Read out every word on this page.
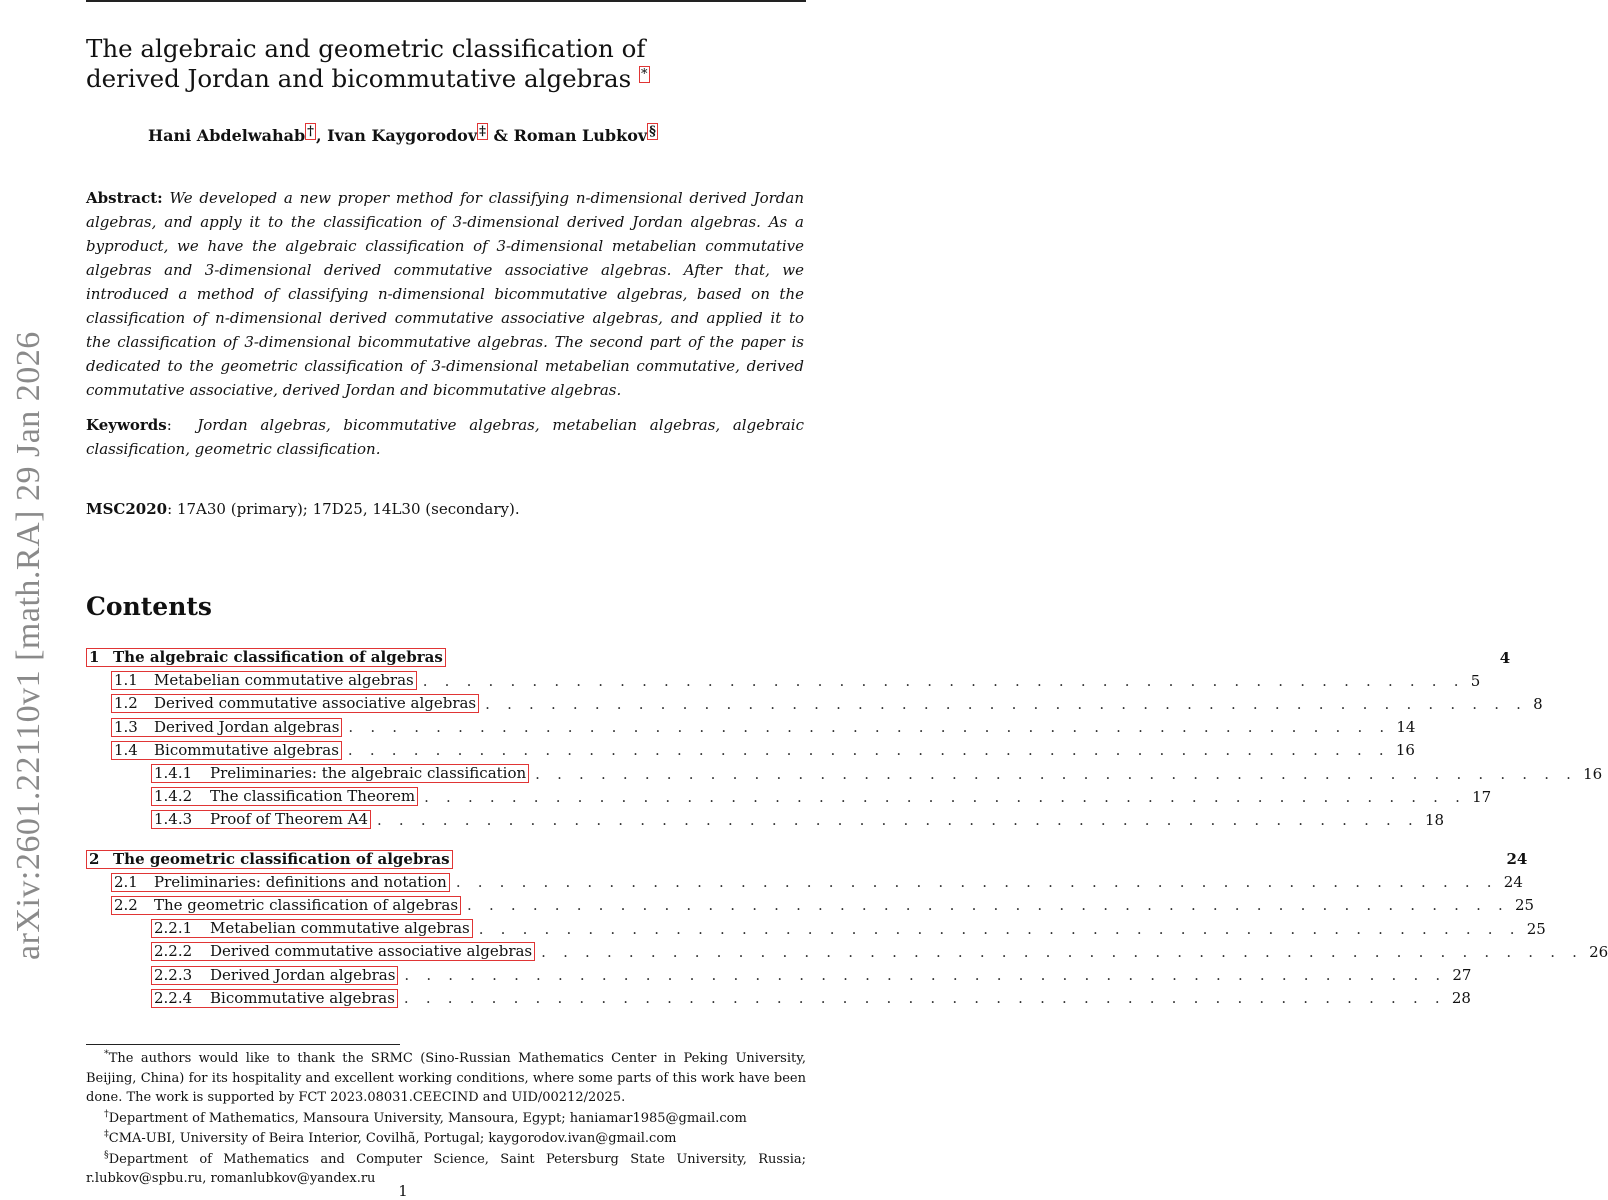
arXiv:2601.22110v1 [math.RA] 29 Jan 2026
The algebraic and geometric classification of
derived Jordan and bicommutative algebras *
Hani Abdelwahab † , Ivan Kaygorodov ‡ & Roman Lubkov §
Abstract: We developed a new proper method for classifying n-dimensional derived Jordan algebras, and apply it to the classification of 3-dimensional derived Jordan algebras. As a byproduct, we have the algebraic classification of 3-dimensional metabelian commutative algebras and 3-dimensional derived commutative associative algebras. After that, we introduced a method of classifying n-dimensional bicommutative algebras, based on the classification of n-dimensional derived commutative associative algebras, and applied it to the classification of 3-dimensional bicommutative algebras. The second part of the paper is dedicated to the geometric classification of 3-dimensional metabelian commutative, derived commutative associative, derived Jordan and bicommutative algebras.
Keywords:  Jordan algebras, bicommutative algebras, metabelian algebras, algebraic classification, geometric classification.
MSC2020: 17A30 (primary); 17D25, 14L30 (secondary).
Contents
1 The algebraic classification of algebras	4
1.1 Metabelian commutative algebras . . . . . . . . . . . . . . . . . . . . . . . . . . . . . . . . . . . . . . . . . . . . . . . . 5
1.2 Derived commutative associative algebras . . . . . . . . . . . . . . . . . . . . . . . . . . . . . . . . . . . . . . . . . . . . . . . . 8
1.3 Derived Jordan algebras . . . . . . . . . . . . . . . . . . . . . . . . . . . . . . . . . . . . . . . . . . . . . . . . 14
1.4 Bicommutative algebras . . . . . . . . . . . . . . . . . . . . . . . . . . . . . . . . . . . . . . . . . . . . . . . . 16
1.4.1 Preliminaries: the algebraic classification . . . . . . . . . . . . . . . . . . . . . . . . . . . . . . . . . . . . . . . . . . . . . . . . 16
1.4.2 The classification Theorem . . . . . . . . . . . . . . . . . . . . . . . . . . . . . . . . . . . . . . . . . . . . . . . . 17
1.4.3 Proof of Theorem A4 . . . . . . . . . . . . . . . . . . . . . . . . . . . . . . . . . . . . . . . . . . . . . . . . 18
2 The geometric classification of algebras	24
2.1 Preliminaries: definitions and notation . . . . . . . . . . . . . . . . . . . . . . . . . . . . . . . . . . . . . . . . . . . . . . . . 24
2.2 The geometric classification of algebras . . . . . . . . . . . . . . . . . . . . . . . . . . . . . . . . . . . . . . . . . . . . . . . . 25
2.2.1 Metabelian commutative algebras . . . . . . . . . . . . . . . . . . . . . . . . . . . . . . . . . . . . . . . . . . . . . . . . 25
2.2.2 Derived commutative associative algebras . . . . . . . . . . . . . . . . . . . . . . . . . . . . . . . . . . . . . . . . . . . . . . . . 26
2.2.3 Derived Jordan algebras . . . . . . . . . . . . . . . . . . . . . . . . . . . . . . . . . . . . . . . . . . . . . . . . 27
2.2.4 Bicommutative algebras . . . . . . . . . . . . . . . . . . . . . . . . . . . . . . . . . . . . . . . . . . . . . . . . 28
*The authors would like to thank the SRMC (Sino-Russian Mathematics Center in Peking University, Beijing, China) for its hospitality and excellent working conditions, where some parts of this work have been done. The work is supported by FCT 2023.08031.CEECIND and UID/00212/2025.
†Department of Mathematics, Mansoura University, Mansoura, Egypt; haniamar1985@gmail.com
‡CMA-UBI, University of Beira Interior, Covilhã, Portugal; kaygorodov.ivan@gmail.com
§Department of Mathematics and Computer Science, Saint Petersburg State University, Russia; r.lubkov@spbu.ru, romanlubkov@yandex.ru
1
